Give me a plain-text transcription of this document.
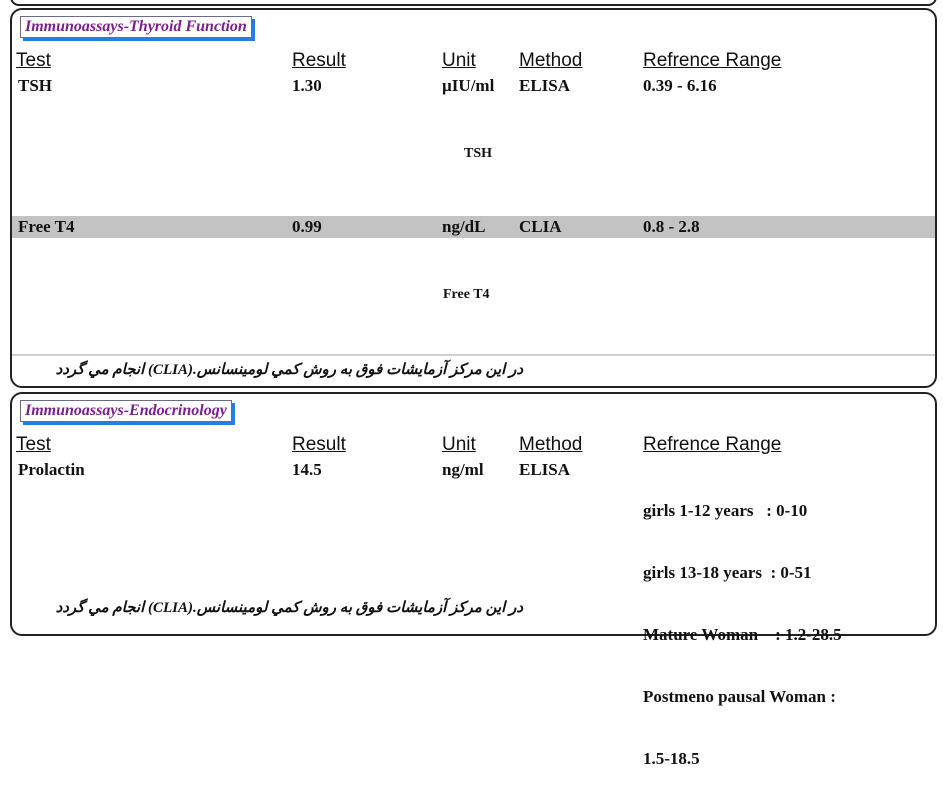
Immunoassays-Thyroid Function
Test	Result	Unit Method	Refrence Range
TSH	1.30	µIU/ml ELISA	0.39 - 6.16
TSH
Free T4	0.99	ng/dL CLIA	0.8 - 2.8
Free T4
در این مرکز آزمایشات فوق به روش کمي لومينسانس.(CLIA) انجام مي گردد
Immunoassays-Endocrinology
Test	Result	Unit Method	Refrence Range
Prolactin	14.5	ng/ml ELISA

girls 1-12 years   : 0-10

girls 13-18 years  : 0-51

Mature Woman    : 1.2-28.5

Postmeno pausal Woman :

1.5-18.5

در این مرکز آزمایشات فوق به روش کمي لومينسانس.(CLIA) انجام مي گردد
